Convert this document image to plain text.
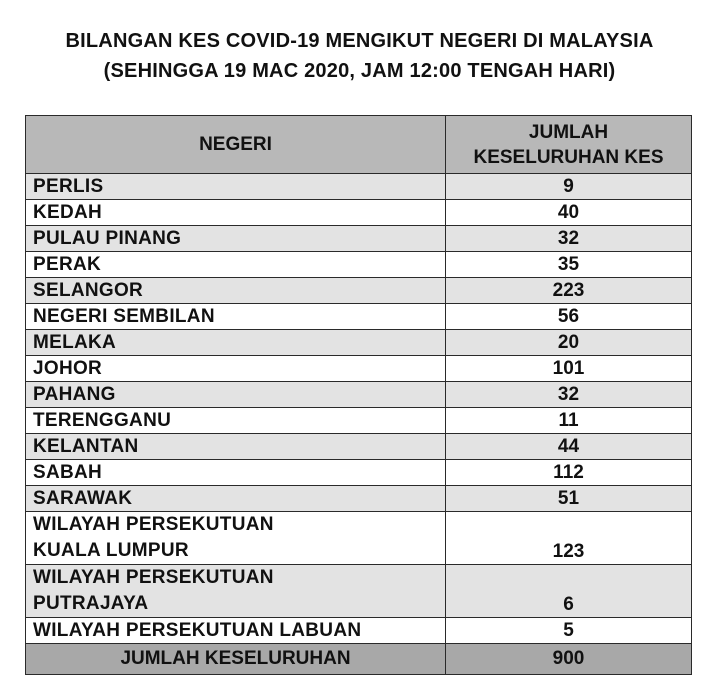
BILANGAN KES COVID-19 MENGIKUT NEGERI DI MALAYSIA
(SEHINGGA 19 MAC 2020, JAM 12:00 TENGAH HARI)
NEGERI	JUMLAH
KESELURUHAN KES

PERLIS	9
KEDAH	40
PULAU PINANG	32
PERAK	35
SELANGOR	223
NEGERI SEMBILAN	56
MELAKA	20
JOHOR	101
PAHANG	32
TERENGGANU	11
KELANTAN	44
SABAH	112
SARAWAK	51

WILAYAH PERSEKUTUAN
KUALA LUMPUR	123

WILAYAH PERSEKUTUAN
PUTRAJAYA	6
WILAYAH PERSEKUTUAN LABUAN	5
JUMLAH KESELURUHAN	900
